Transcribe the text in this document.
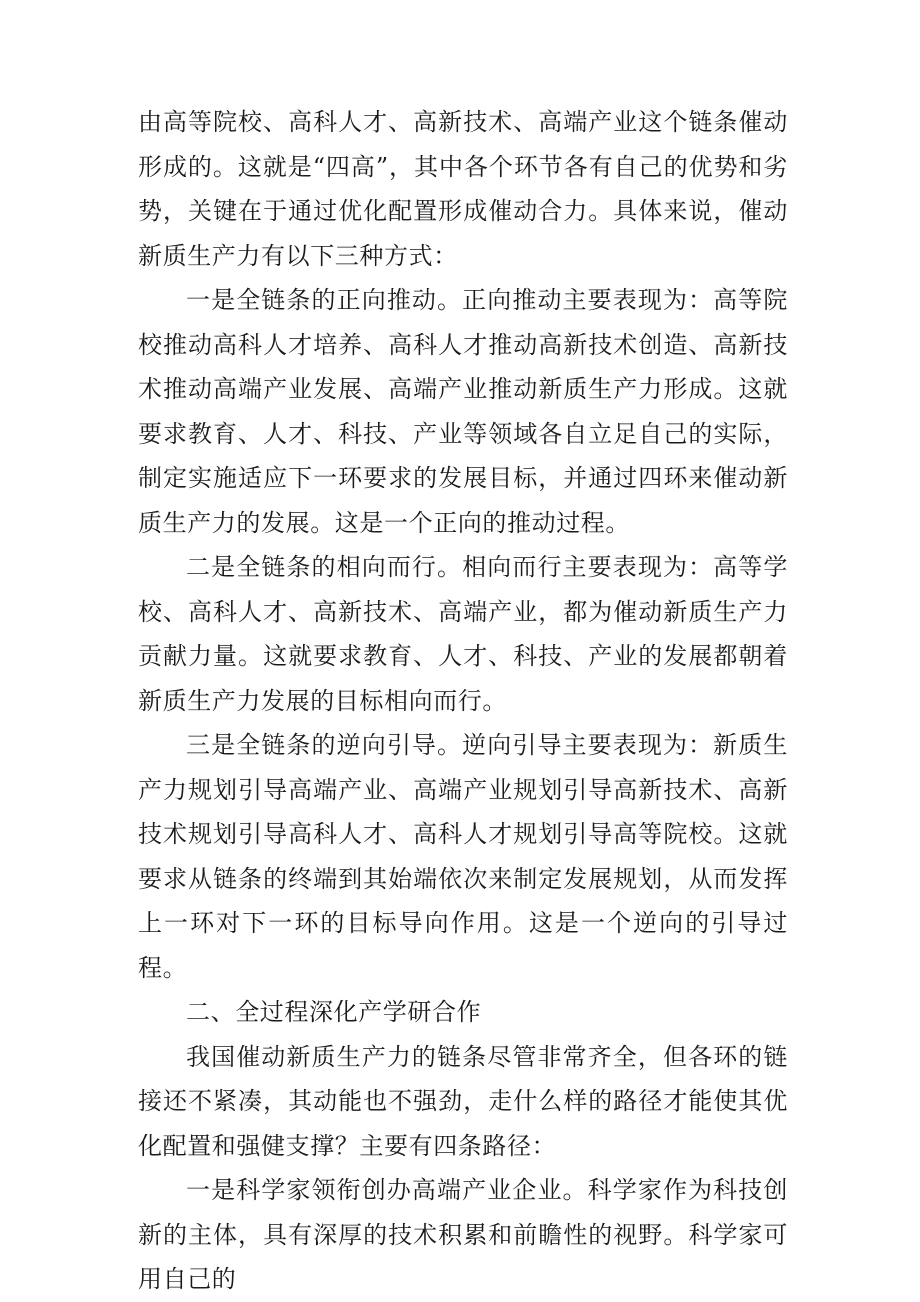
由高等院校、高科人才、高新技术、高端产业这个链条催动形成的。这就是“四高”，其中各个环节各有自己的优势和劣势，关键在于通过优化配置形成催动合力。具体来说，催动新质生产力有以下三种方式：

一是全链条的正向推动。正向推动主要表现为：高等院校推动高科人才培养、高科人才推动高新技术创造、高新技术推动高端产业发展、高端产业推动新质生产力形成。这就要求教育、人才、科技、产业等领域各自立足自己的实际，制定实施适应下一环要求的发展目标，并通过四环来催动新质生产力的发展。这是一个正向的推动过程。

二是全链条的相向而行。相向而行主要表现为：高等学校、高科人才、高新技术、高端产业，都为催动新质生产力贡献力量。这就要求教育、人才、科技、产业的发展都朝着新质生产力发展的目标相向而行。

三是全链条的逆向引导。逆向引导主要表现为：新质生产力规划引导高端产业、高端产业规划引导高新技术、高新技术规划引导高科人才、高科人才规划引导高等院校。这就要求从链条的终端到其始端依次来制定发展规划，从而发挥上一环对下一环的目标导向作用。这是一个逆向的引导过程。

二、全过程深化产学研合作

我国催动新质生产力的链条尽管非常齐全，但各环的链接还不紧凑，其动能也不强劲，走什么样的路径才能使其优化配置和强健支撑？主要有四条路径：

一是科学家领衔创办高端产业企业。科学家作为科技创新的主体，具有深厚的技术积累和前瞻性的视野。科学家可用自己的
